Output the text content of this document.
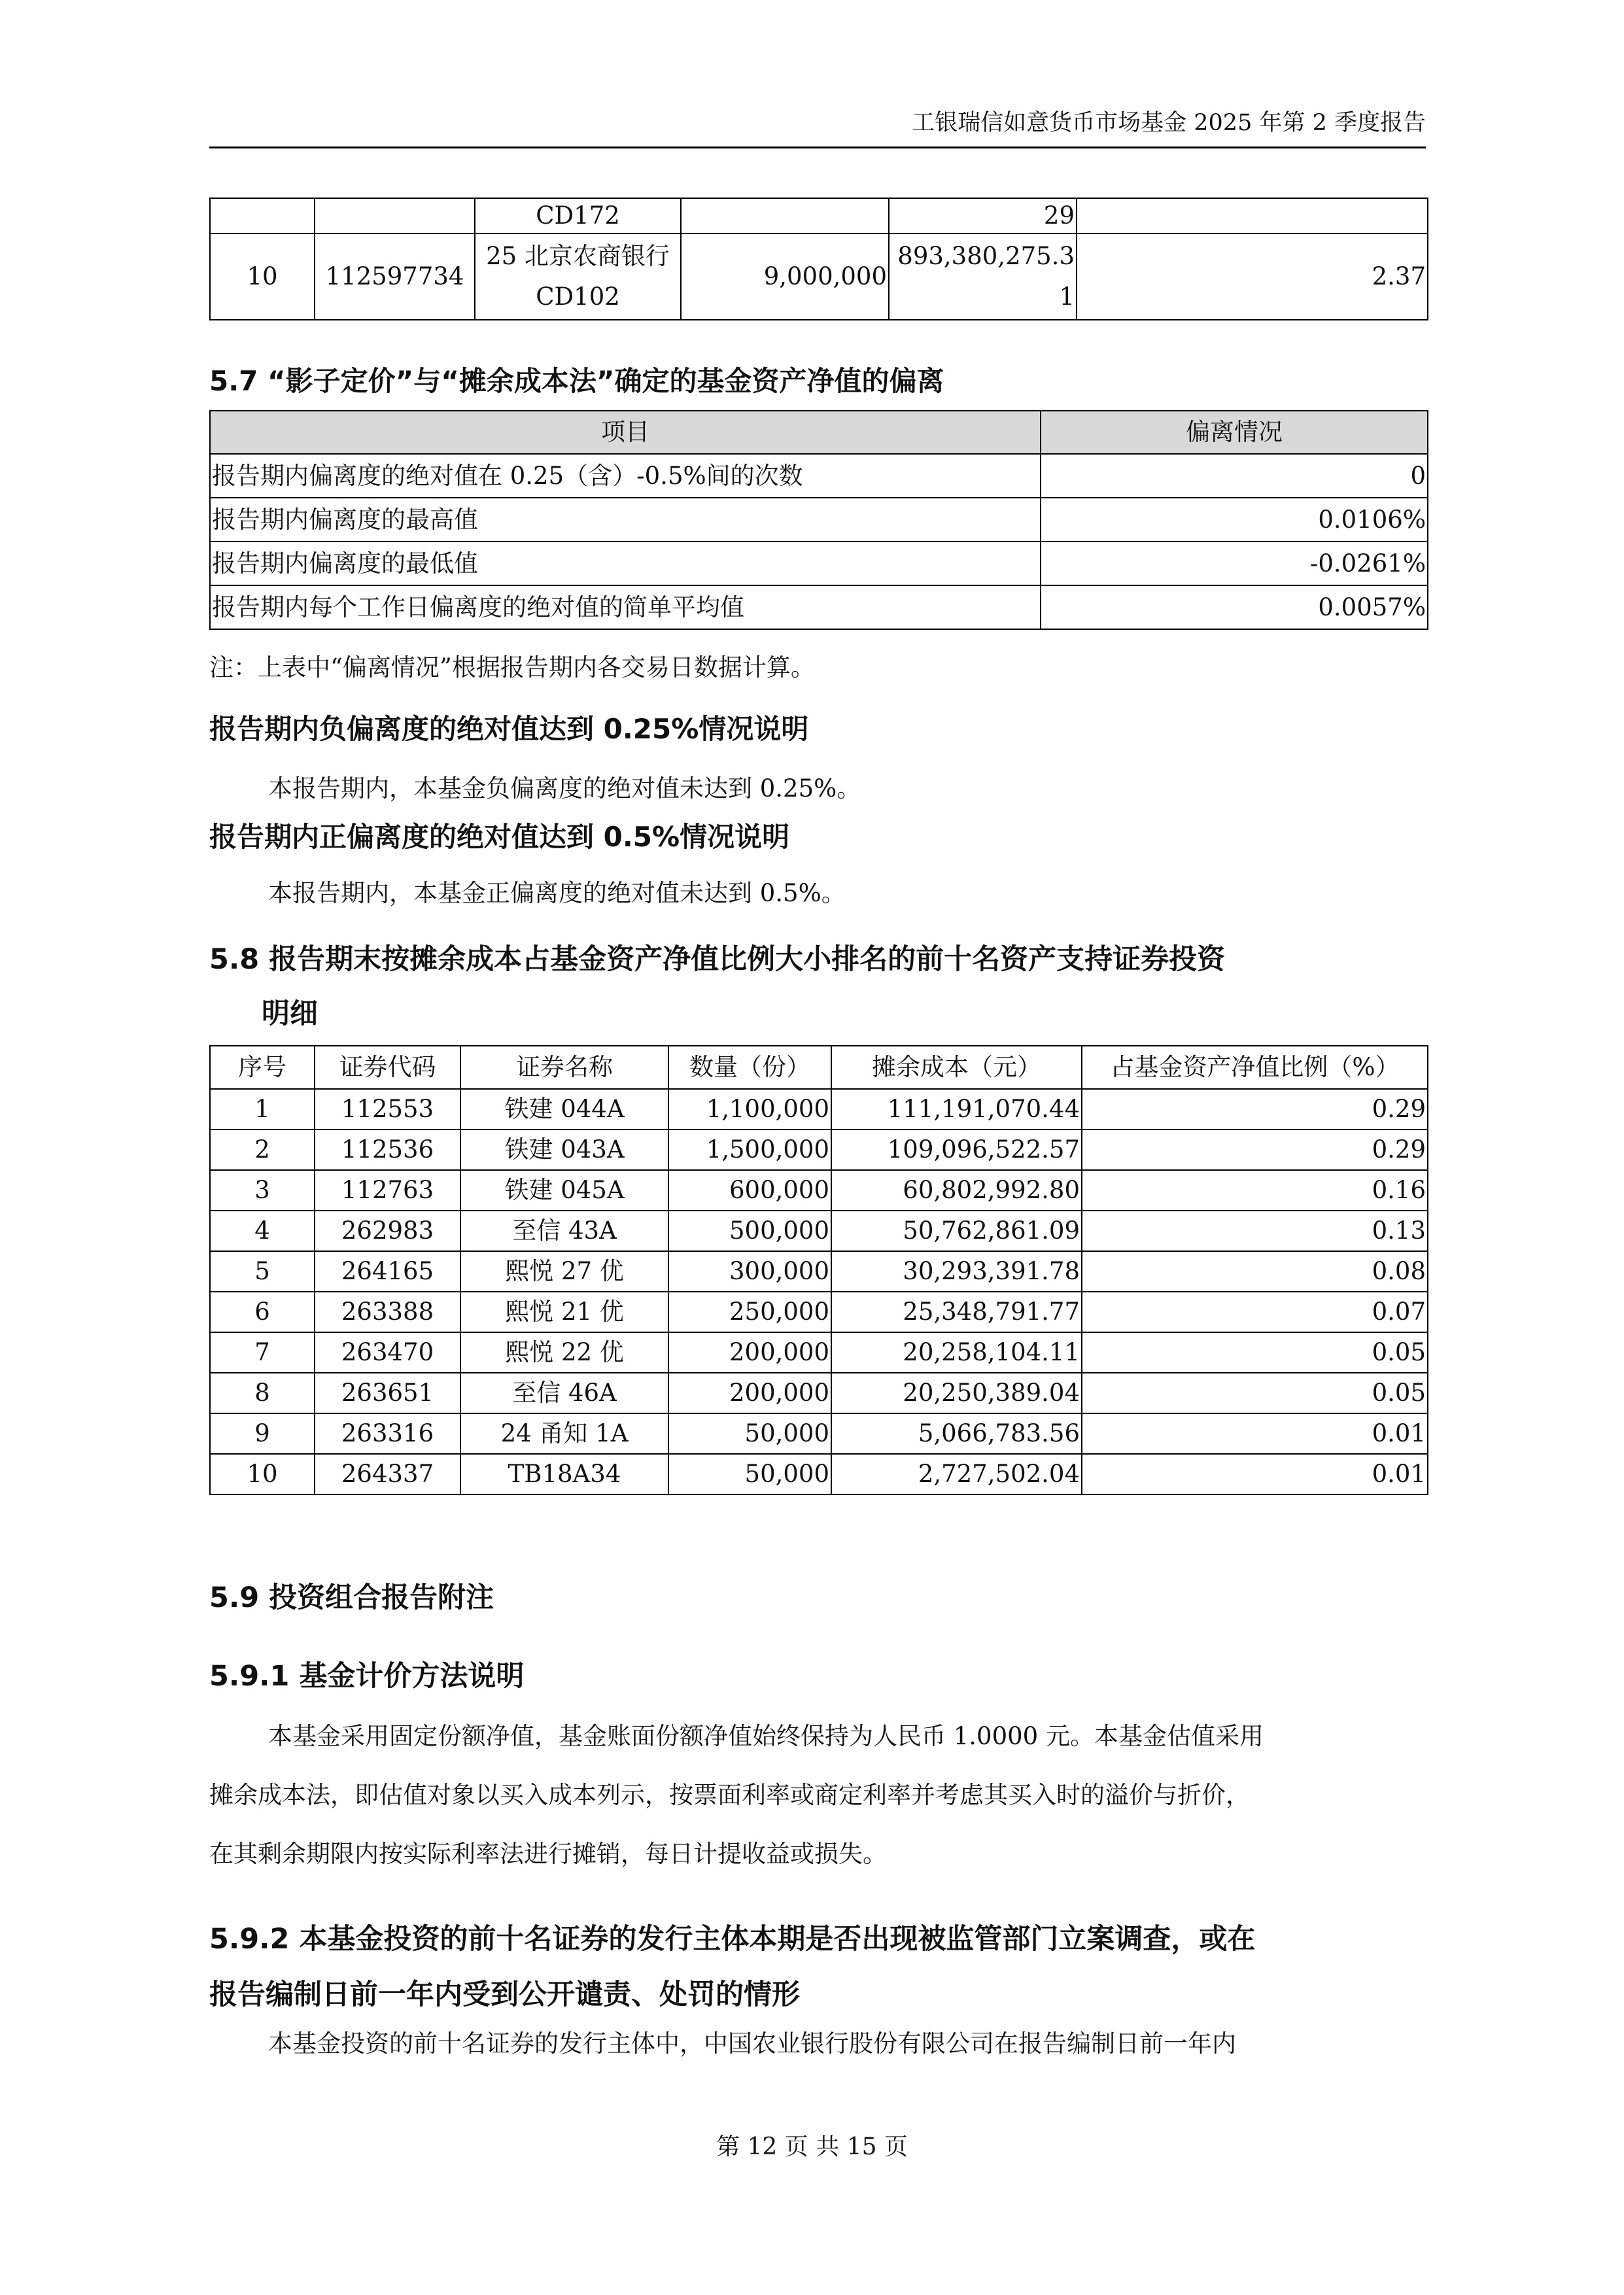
工银瑞信如意货币市场基金 2025 年第 2 季度报告
		CD172		29	
10	112597734	25 北京农商银行 CD102	9,000,000	893,380,275.31	2.37
5.7 “影子定价”与“摊余成本法”确定的基金资产净值的偏离
项目	偏离情况
报告期内偏离度的绝对值在 0.25（含）-0.5%间的次数	0
报告期内偏离度的最高值	0.0106%
报告期内偏离度的最低值	-0.0261%
报告期内每个工作日偏离度的绝对值的简单平均值	0.0057%
注：上表中“偏离情况”根据报告期内各交易日数据计算。
报告期内负偏离度的绝对值达到 0.25%情况说明
本报告期内，本基金负偏离度的绝对值未达到 0.25%。
报告期内正偏离度的绝对值达到 0.5%情况说明
本报告期内，本基金正偏离度的绝对值未达到 0.5%。
5.8 报告期末按摊余成本占基金资产净值比例大小排名的前十名资产支持证券投资
明细
序号	证券代码	证券名称	数量（份）	摊余成本（元）	占基金资产净值比例（%）
1	112553	铁建 044A	1,100,000	111,191,070.44	0.29
2	112536	铁建 043A	1,500,000	109,096,522.57	0.29
3	112763	铁建 045A	600,000	60,802,992.80	0.16
4	262983	至信 43A	500,000	50,762,861.09	0.13
5	264165	熙悦 27 优	300,000	30,293,391.78	0.08
6	263388	熙悦 21 优	250,000	25,348,791.77	0.07
7	263470	熙悦 22 优	200,000	20,258,104.11	0.05
8	263651	至信 46A	200,000	20,250,389.04	0.05
9	263316	24 甬知 1A	50,000	5,066,783.56	0.01
10	264337	TB18A34	50,000	2,727,502.04	0.01
5.9 投资组合报告附注
5.9.1 基金计价方法说明
本基金采用固定份额净值，基金账面份额净值始终保持为人民币 1.0000 元。本基金估值采用
摊余成本法，即估值对象以买入成本列示，按票面利率或商定利率并考虑其买入时的溢价与折价，
在其剩余期限内按实际利率法进行摊销，每日计提收益或损失。
5.9.2 本基金投资的前十名证券的发行主体本期是否出现被监管部门立案调查，或在
报告编制日前一年内受到公开谴责、处罚的情形
本基金投资的前十名证券的发行主体中，中国农业银行股份有限公司在报告编制日前一年内
第 12 页 共 15 页
